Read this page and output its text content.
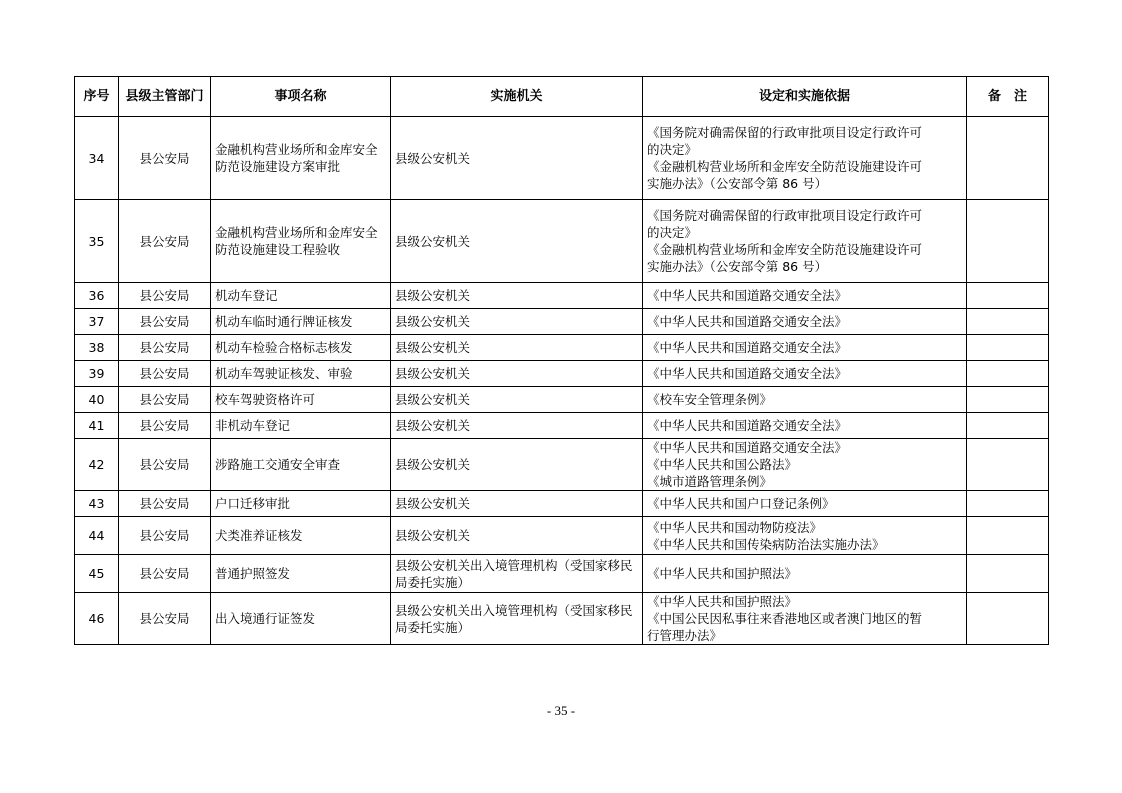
序号	县级主管部门	事项名称	实施机关	设定和实施依据	备　注
34	县公安局	金融机构营业场所和金库安全防范设施建设方案审批	县级公安机关	《国务院对确需保留的行政审批项目设定行政许可
的决定》
《金融机构营业场所和金库安全防范设施建设许可
实施办法》（公安部令第 86 号）	

35	县公安局	金融机构营业场所和金库安全防范设施建设工程验收	县级公安机关	《国务院对确需保留的行政审批项目设定行政许可
的决定》
《金融机构营业场所和金库安全防范设施建设许可
实施办法》（公安部令第 86 号）	

36	县公安局	机动车登记	县级公安机关	《中华人民共和国道路交通安全法》	

37	县公安局	机动车临时通行牌证核发	县级公安机关	《中华人民共和国道路交通安全法》	

38	县公安局	机动车检验合格标志核发	县级公安机关	《中华人民共和国道路交通安全法》	

39	县公安局	机动车驾驶证核发、审验	县级公安机关	《中华人民共和国道路交通安全法》	

40	县公安局	校车驾驶资格许可	县级公安机关	《校车安全管理条例》	

41	县公安局	非机动车登记	县级公安机关	《中华人民共和国道路交通安全法》	

42	县公安局	涉路施工交通安全审查	县级公安机关	《中华人民共和国道路交通安全法》
《中华人民共和国公路法》
《城市道路管理条例》	

43	县公安局	户口迁移审批	县级公安机关	《中华人民共和国户口登记条例》	

44	县公安局	犬类准养证核发	县级公安机关	《中华人民共和国动物防疫法》
《中华人民共和国传染病防治法实施办法》	

45	县公安局	普通护照签发	县级公安机关出入境管理机构（受国家移民局委托实施）	《中华人民共和国护照法》	

46	县公安局	出入境通行证签发	县级公安机关出入境管理机构（受国家移民局委托实施）	《中华人民共和国护照法》
《中国公民因私事往来香港地区或者澳门地区的暂
行管理办法》	

- 35 -
